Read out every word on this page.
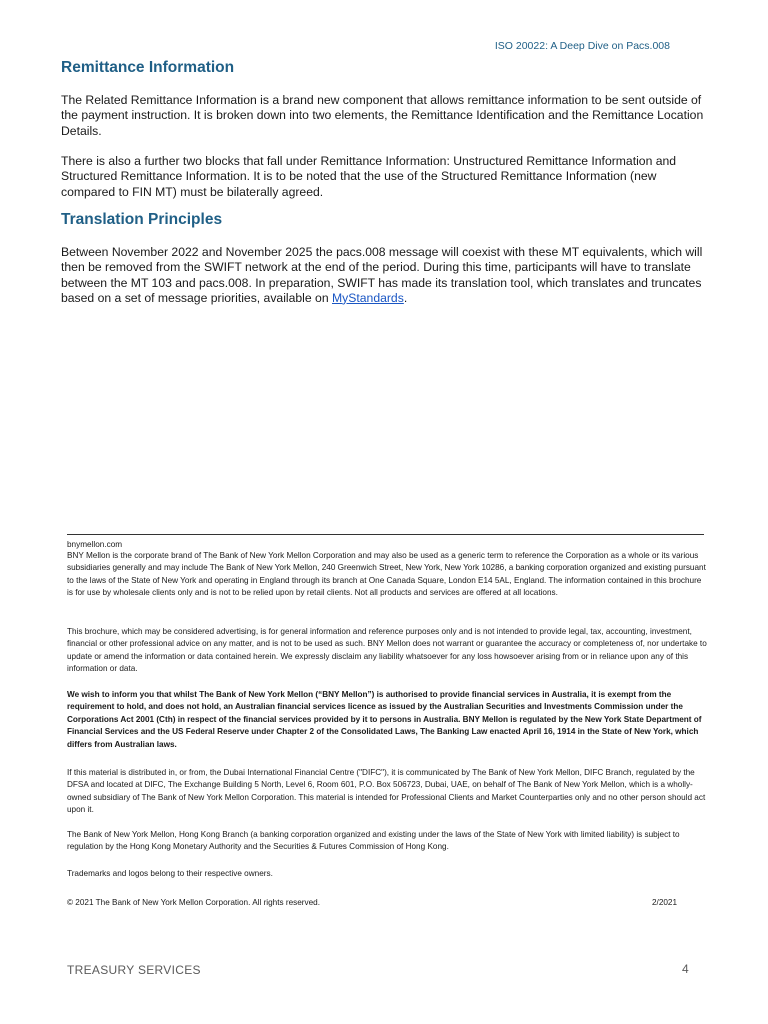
ISO 20022: A Deep Dive on Pacs.008
Remittance Information

The Related Remittance Information is a brand new component that allows remittance information to be sent outside of the payment instruction. It is broken down into two elements, the Remittance Identification and the Remittance Location Details.

There is also a further two blocks that fall under Remittance Information: Unstructured Remittance Information and Structured Remittance Information. It is to be noted that the use of the Structured Remittance Information (new compared to FIN MT) must be bilaterally agreed.

Translation Principles

Between November 2022 and November 2025 the pacs.008 message will coexist with these MT equivalents, which will then be removed from the SWIFT network at the end of the period. During this time, participants will have to translate between the MT 103 and pacs.008. In preparation, SWIFT has made its translation tool, which translates and truncates based on a set of message priorities, available on MyStandards.

bnymellon.com

BNY Mellon is the corporate brand of The Bank of New York Mellon Corporation and may also be used as a generic term to reference the Corporation as a whole or its various subsidiaries generally and may include The Bank of New York Mellon, 240 Greenwich Street, New York, New York 10286, a banking corporation organized and existing pursuant to the laws of the State of New York and operating in England through its branch at One Canada Square, London E14 5AL, England. The information contained in this brochure is for use by wholesale clients only and is not to be relied upon by retail clients. Not all products and services are offered at all locations.

This brochure, which may be considered advertising, is for general information and reference purposes only and is not intended to provide legal, tax, accounting, investment, financial or other professional advice on any matter, and is not to be used as such. BNY Mellon does not warrant or guarantee the accuracy or completeness of, nor undertake to update or amend the information or data contained herein. We expressly disclaim any liability whatsoever for any loss howsoever arising from or in reliance upon any of this information or data.

We wish to inform you that whilst The Bank of New York Mellon (“BNY Mellon”) is authorised to provide financial services in Australia, it is exempt from the requirement to hold, and does not hold, an Australian financial services licence as issued by the Australian Securities and Investments Commission under the Corporations Act 2001 (Cth) in respect of the financial services provided by it to persons in Australia. BNY Mellon is regulated by the New York State Department of Financial Services and the US Federal Reserve under Chapter 2 of the Consolidated Laws, The Banking Law enacted April 16, 1914 in the State of New York, which differs from Australian laws.

If this material is distributed in, or from, the Dubai International Financial Centre ("DIFC"), it is communicated by The Bank of New York Mellon, DIFC Branch, regulated by the DFSA and located at DIFC, The Exchange Building 5 North, Level 6, Room 601, P.O. Box 506723, Dubai, UAE, on behalf of The Bank of New York Mellon, which is a wholly-owned subsidiary of The Bank of New York Mellon Corporation. This material is intended for Professional Clients and Market Counterparties only and no other person should act upon it.

The Bank of New York Mellon, Hong Kong Branch (a banking corporation organized and existing under the laws of the State of New York with limited liability) is subject to regulation by the Hong Kong Monetary Authority and the Securities & Futures Commission of Hong Kong.

Trademarks and logos belong to their respective owners.

© 2021 The Bank of New York Mellon Corporation. All rights reserved.	2/2021
TREASURY SERVICES	4
